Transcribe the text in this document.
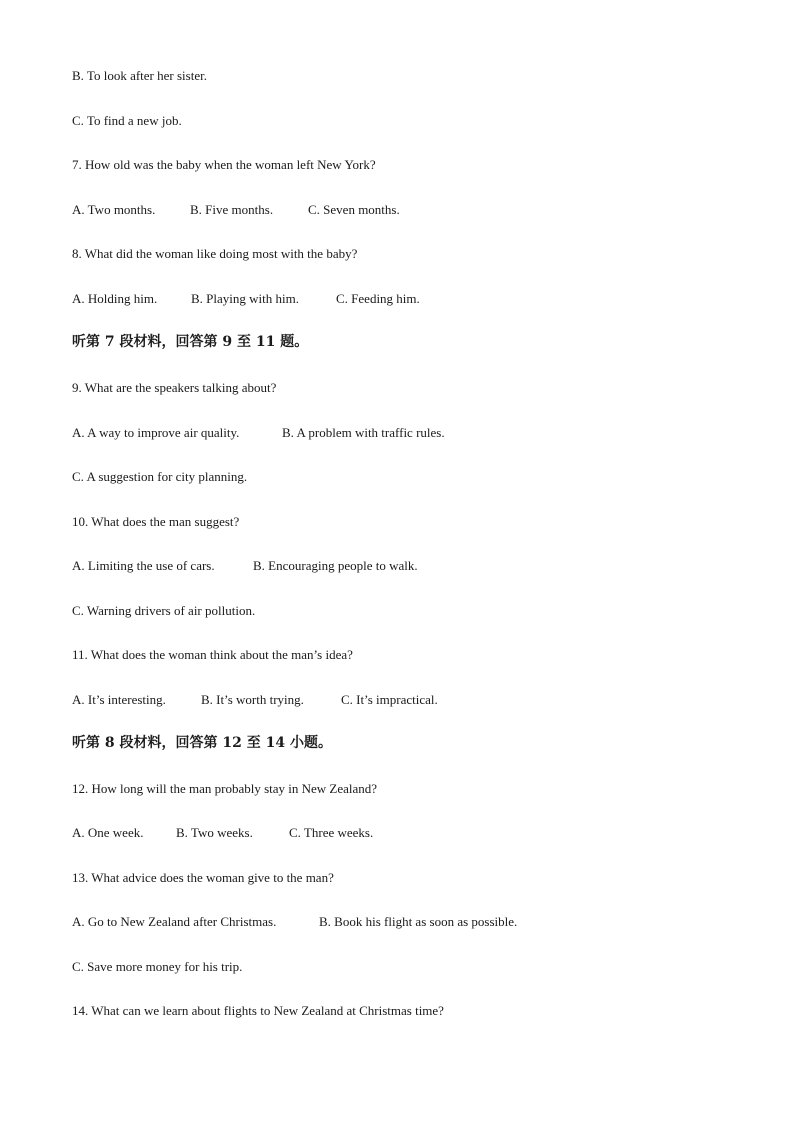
B. To look after her sister.
C. To find a new job.
7. How old was the baby when the woman left New York?
A. Two months.	B. Five months.	C. Seven months.
8. What did the woman like doing most with the baby?
A. Holding him.	B. Playing with him.	C. Feeding him.
听第 7 段材料，回答第 9 至 11 题。
9. What are the speakers talking about?
A. A way to improve air quality.	B. A problem with traffic rules.
C. A suggestion for city planning.
10. What does the man suggest?
A. Limiting the use of cars.	B. Encouraging people to walk.
C. Warning drivers of air pollution.
11. What does the woman think about the man’s idea?
A. It’s interesting.	B. It’s worth trying.	C. It’s impractical.
听第 8 段材料，回答第 12 至 14 小题。
12. How long will the man probably stay in New Zealand?
A. One week.	B. Two weeks.	C. Three weeks.
13. What advice does the woman give to the man?
A. Go to New Zealand after Christmas.	B. Book his flight as soon as possible.
C. Save more money for his trip.
14. What can we learn about flights to New Zealand at Christmas time?
